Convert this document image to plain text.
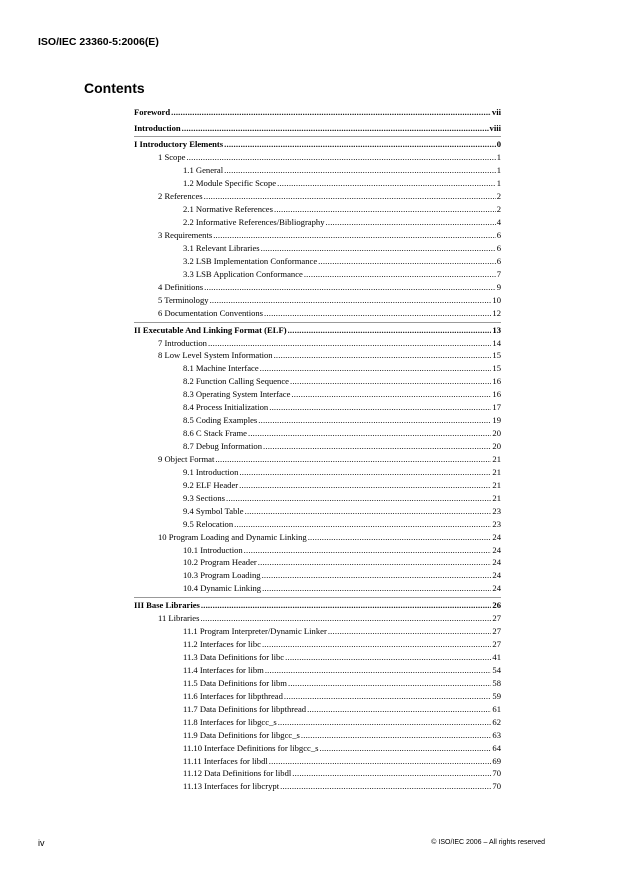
ISO/IEC 23360-5:2006(E)
Contents
Foreword .....	vii
Introduction .....	viii
I Introductory Elements .....	0
1 Scope .....	1
1.1 General .....	1
1.2 Module Specific Scope .....	1
2 References .....	2
2.1 Normative References .....	2
2.2 Informative References/Bibliography .....	4
3 Requirements .....	6
3.1 Relevant Libraries .....	6
3.2 LSB Implementation Conformance .....	6
3.3 LSB Application Conformance .....	7
4 Definitions .....	9
5 Terminology .....	10
6 Documentation Conventions .....	12
II Executable And Linking Format (ELF) .....	13
7 Introduction .....	14
8 Low Level System Information .....	15
8.1 Machine Interface .....	15
8.2 Function Calling Sequence .....	16
8.3 Operating System Interface .....	16
8.4 Process Initialization .....	17
8.5 Coding Examples .....	19
8.6 C Stack Frame .....	20
8.7 Debug Information .....	20
9 Object Format .....	21
9.1 Introduction .....	21
9.2 ELF Header .....	21
9.3 Sections .....	21
9.4 Symbol Table .....	23
9.5 Relocation .....	23
10 Program Loading and Dynamic Linking .....	24
10.1 Introduction .....	24
10.2 Program Header .....	24
10.3 Program Loading .....	24
10.4 Dynamic Linking .....	24
III Base Libraries .....	26
11 Libraries .....	27
11.1 Program Interpreter/Dynamic Linker .....	27
11.2 Interfaces for libc .....	27
11.3 Data Definitions for libc .....	41
11.4 Interfaces for libm .....	54
11.5 Data Definitions for libm .....	58
11.6 Interfaces for libpthread .....	59
11.7 Data Definitions for libpthread .....	61
11.8 Interfaces for libgcc_s .....	62
11.9 Data Definitions for libgcc_s .....	63
11.10 Interface Definitions for libgcc_s .....	64
11.11 Interfaces for libdl .....	69
11.12 Data Definitions for libdl .....	70
11.13 Interfaces for libcrypt .....	70
iv	© ISO/IEC 2006 – All rights reserved
